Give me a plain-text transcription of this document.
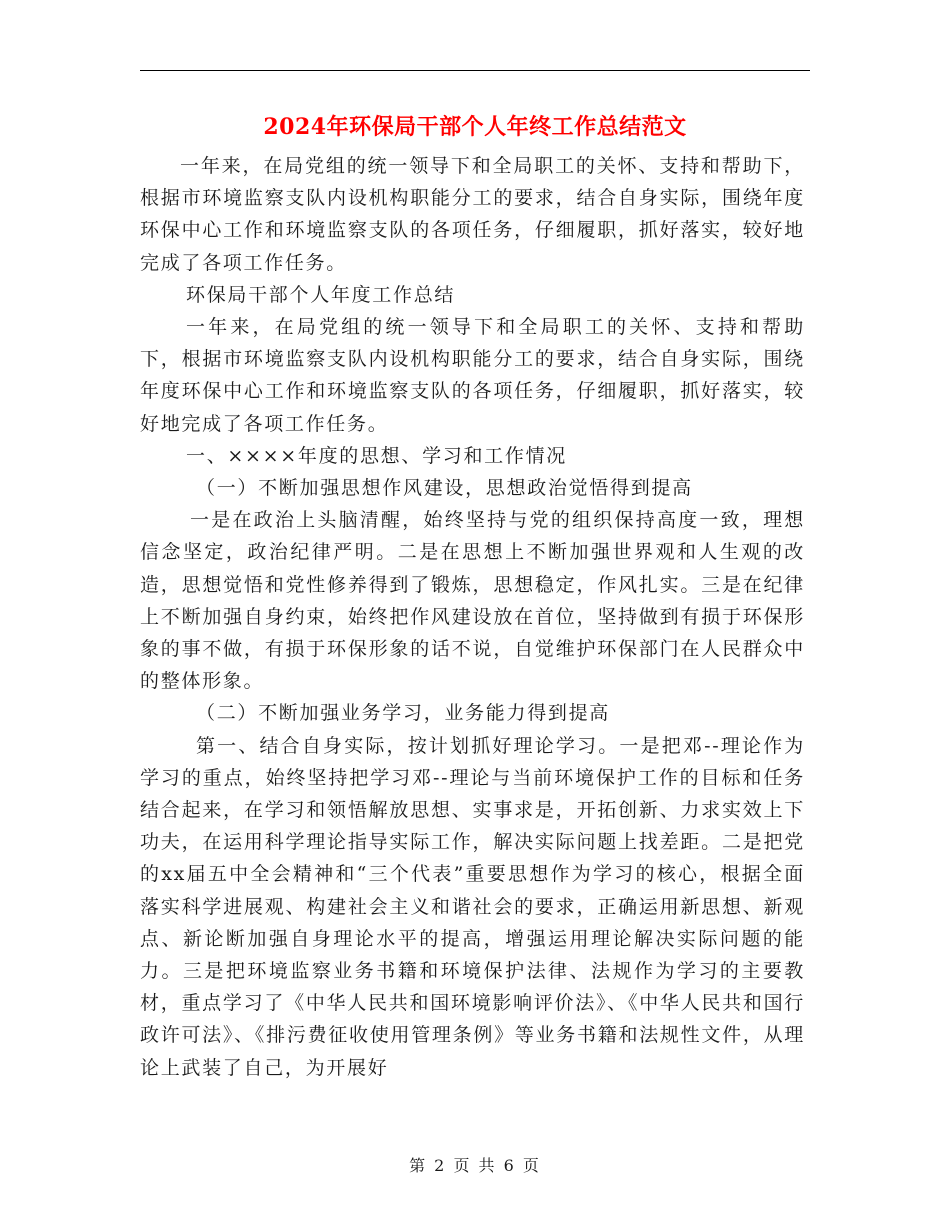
2024年环保局干部个人年终工作总结范文

一年来，在局党组的统一领导下和全局职工的关怀、支持和帮助下，根据市环境监察支队内设机构职能分工的要求，结合自身实际，围绕年度环保中心工作和环境监察支队的各项任务，仔细履职，抓好落实，较好地完成了各项工作任务。

环保局干部个人年度工作总结

一年来，在局党组的统一领导下和全局职工的关怀、支持和帮助下，根据市环境监察支队内设机构职能分工的要求，结合自身实际，围绕年度环保中心工作和环境监察支队的各项任务，仔细履职，抓好落实，较好地完成了各项工作任务。

一、××××年度的思想、学习和工作情况

（一）不断加强思想作风建设，思想政治觉悟得到提高

一是在政治上头脑清醒，始终坚持与党的组织保持高度一致，理想信念坚定，政治纪律严明。二是在思想上不断加强世界观和人生观的改造，思想觉悟和党性修养得到了锻炼，思想稳定，作风扎实。三是在纪律上不断加强自身约束，始终把作风建设放在首位，坚持做到有损于环保形象的事不做，有损于环保形象的话不说，自觉维护环保部门在人民群众中的整体形象。

（二）不断加强业务学习，业务能力得到提高

第一、结合自身实际，按计划抓好理论学习。一是把邓--理论作为学习的重点，始终坚持把学习邓--理论与当前环境保护工作的目标和任务结合起来，在学习和领悟解放思想、实事求是，开拓创新、力求实效上下功夫，在运用科学理论指导实际工作，解决实际问题上找差距。二是把党的xx届五中全会精神和“三个代表”重要思想作为学习的核心，根据全面落实科学进展观、构建社会主义和谐社会的要求，正确运用新思想、新观点、新论断加强自身理论水平的提高，增强运用理论解决实际问题的能力。三是把环境监察业务书籍和环境保护法律、法规作为学习的主要教材，重点学习了《中华人民共和国环境影响评价法》、《中华人民共和国行政许可法》、《排污费征收使用管理条例》等业务书籍和法规性文件，从理论上武装了自己，为开展好

第 2 页 共 6 页
